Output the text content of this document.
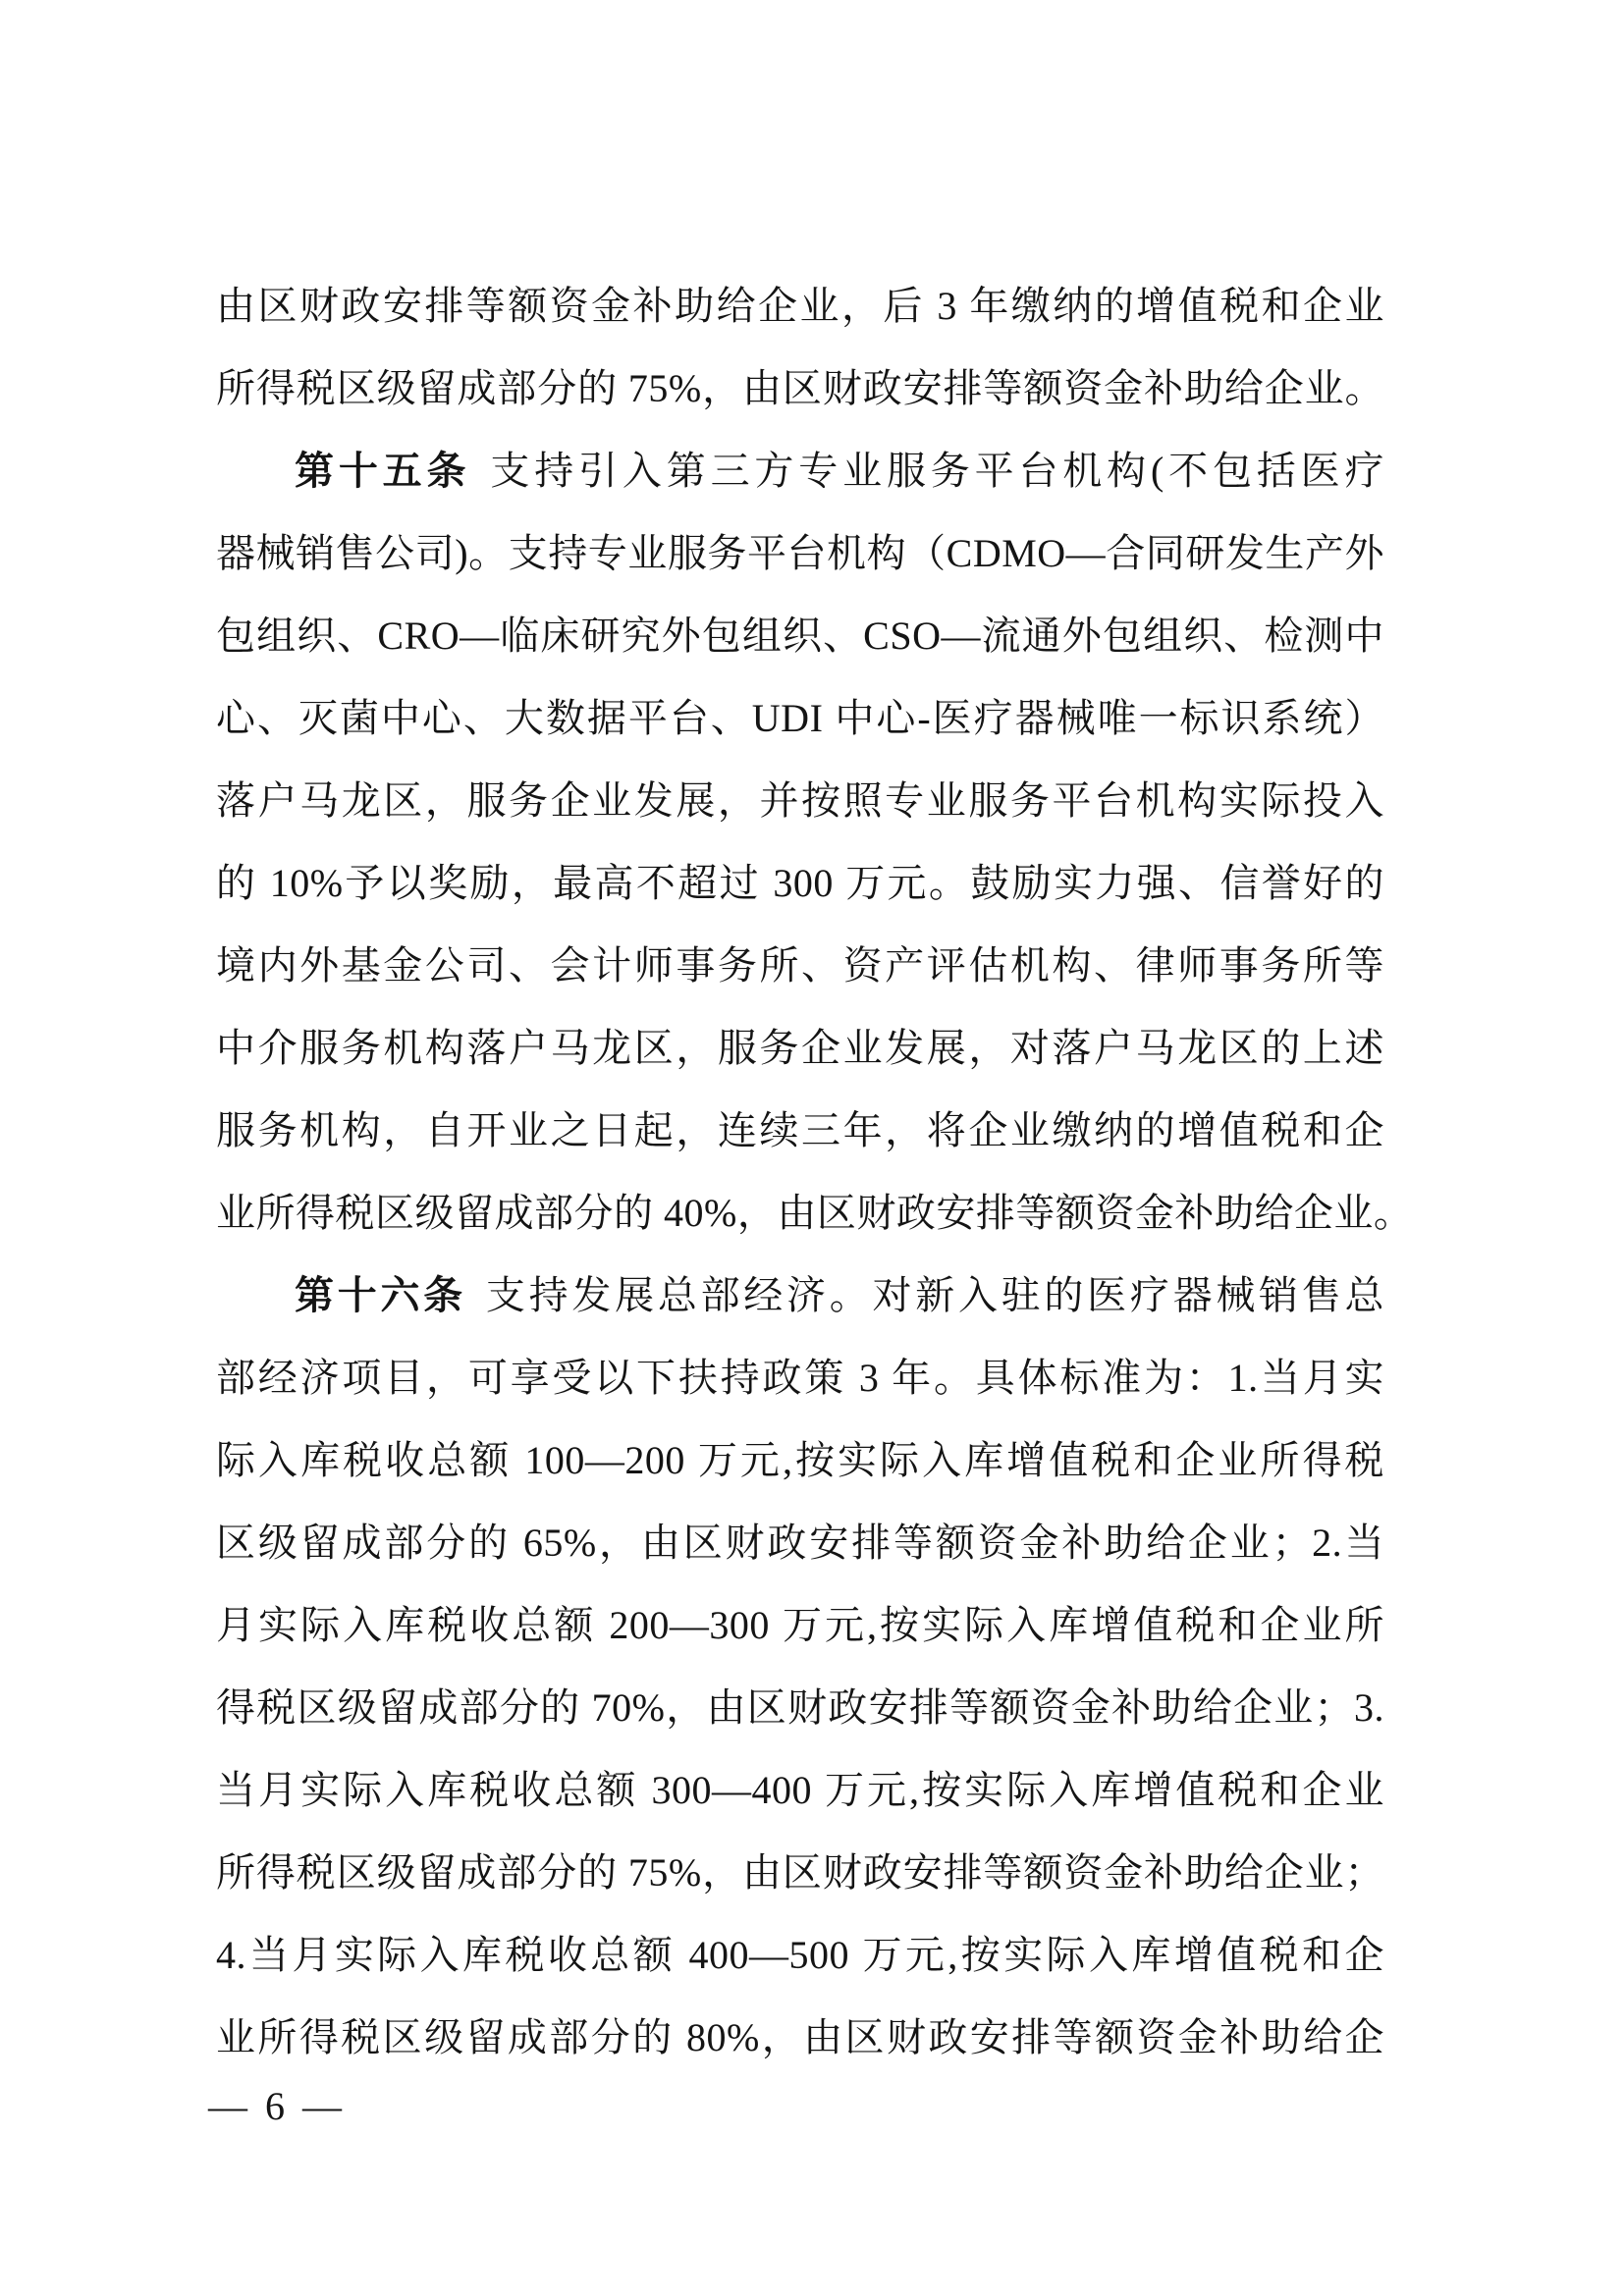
由区财政安排等额资金补助给企业，后 3 年缴纳的增值税和企业
所得税区级留成部分的 75%，由区财政安排等额资金补助给企业。
第十五条 支持引入第三方专业服务平台机构(不包括医疗
器械销售公司)。支持专业服务平台机构（CDMO—合同研发生产外
包组织、CRO—临床研究外包组织、CSO—流通外包组织、检测中
心、灭菌中心、大数据平台、UDI 中心-医疗器械唯一标识系统）
落户马龙区，服务企业发展，并按照专业服务平台机构实际投入
的 10%予以奖励，最高不超过 300 万元。鼓励实力强、信誉好的
境内外基金公司、会计师事务所、资产评估机构、律师事务所等
中介服务机构落户马龙区，服务企业发展，对落户马龙区的上述
服务机构，自开业之日起，连续三年，将企业缴纳的增值税和企
业所得税区级留成部分的 40%，由区财政安排等额资金补助给企业。
第十六条 支持发展总部经济。对新入驻的医疗器械销售总
部经济项目，可享受以下扶持政策 3 年。具体标准为：1.当月实
际入库税收总额 100—200 万元,按实际入库增值税和企业所得税
区级留成部分的 65%，由区财政安排等额资金补助给企业；2.当
月实际入库税收总额 200—300 万元,按实际入库增值税和企业所
得税区级留成部分的 70%，由区财政安排等额资金补助给企业；3.
当月实际入库税收总额 300—400 万元,按实际入库增值税和企业
所得税区级留成部分的 75%，由区财政安排等额资金补助给企业；
4.当月实际入库税收总额 400—500 万元,按实际入库增值税和企
业所得税区级留成部分的 80%，由区财政安排等额资金补助给企
— 6 —
